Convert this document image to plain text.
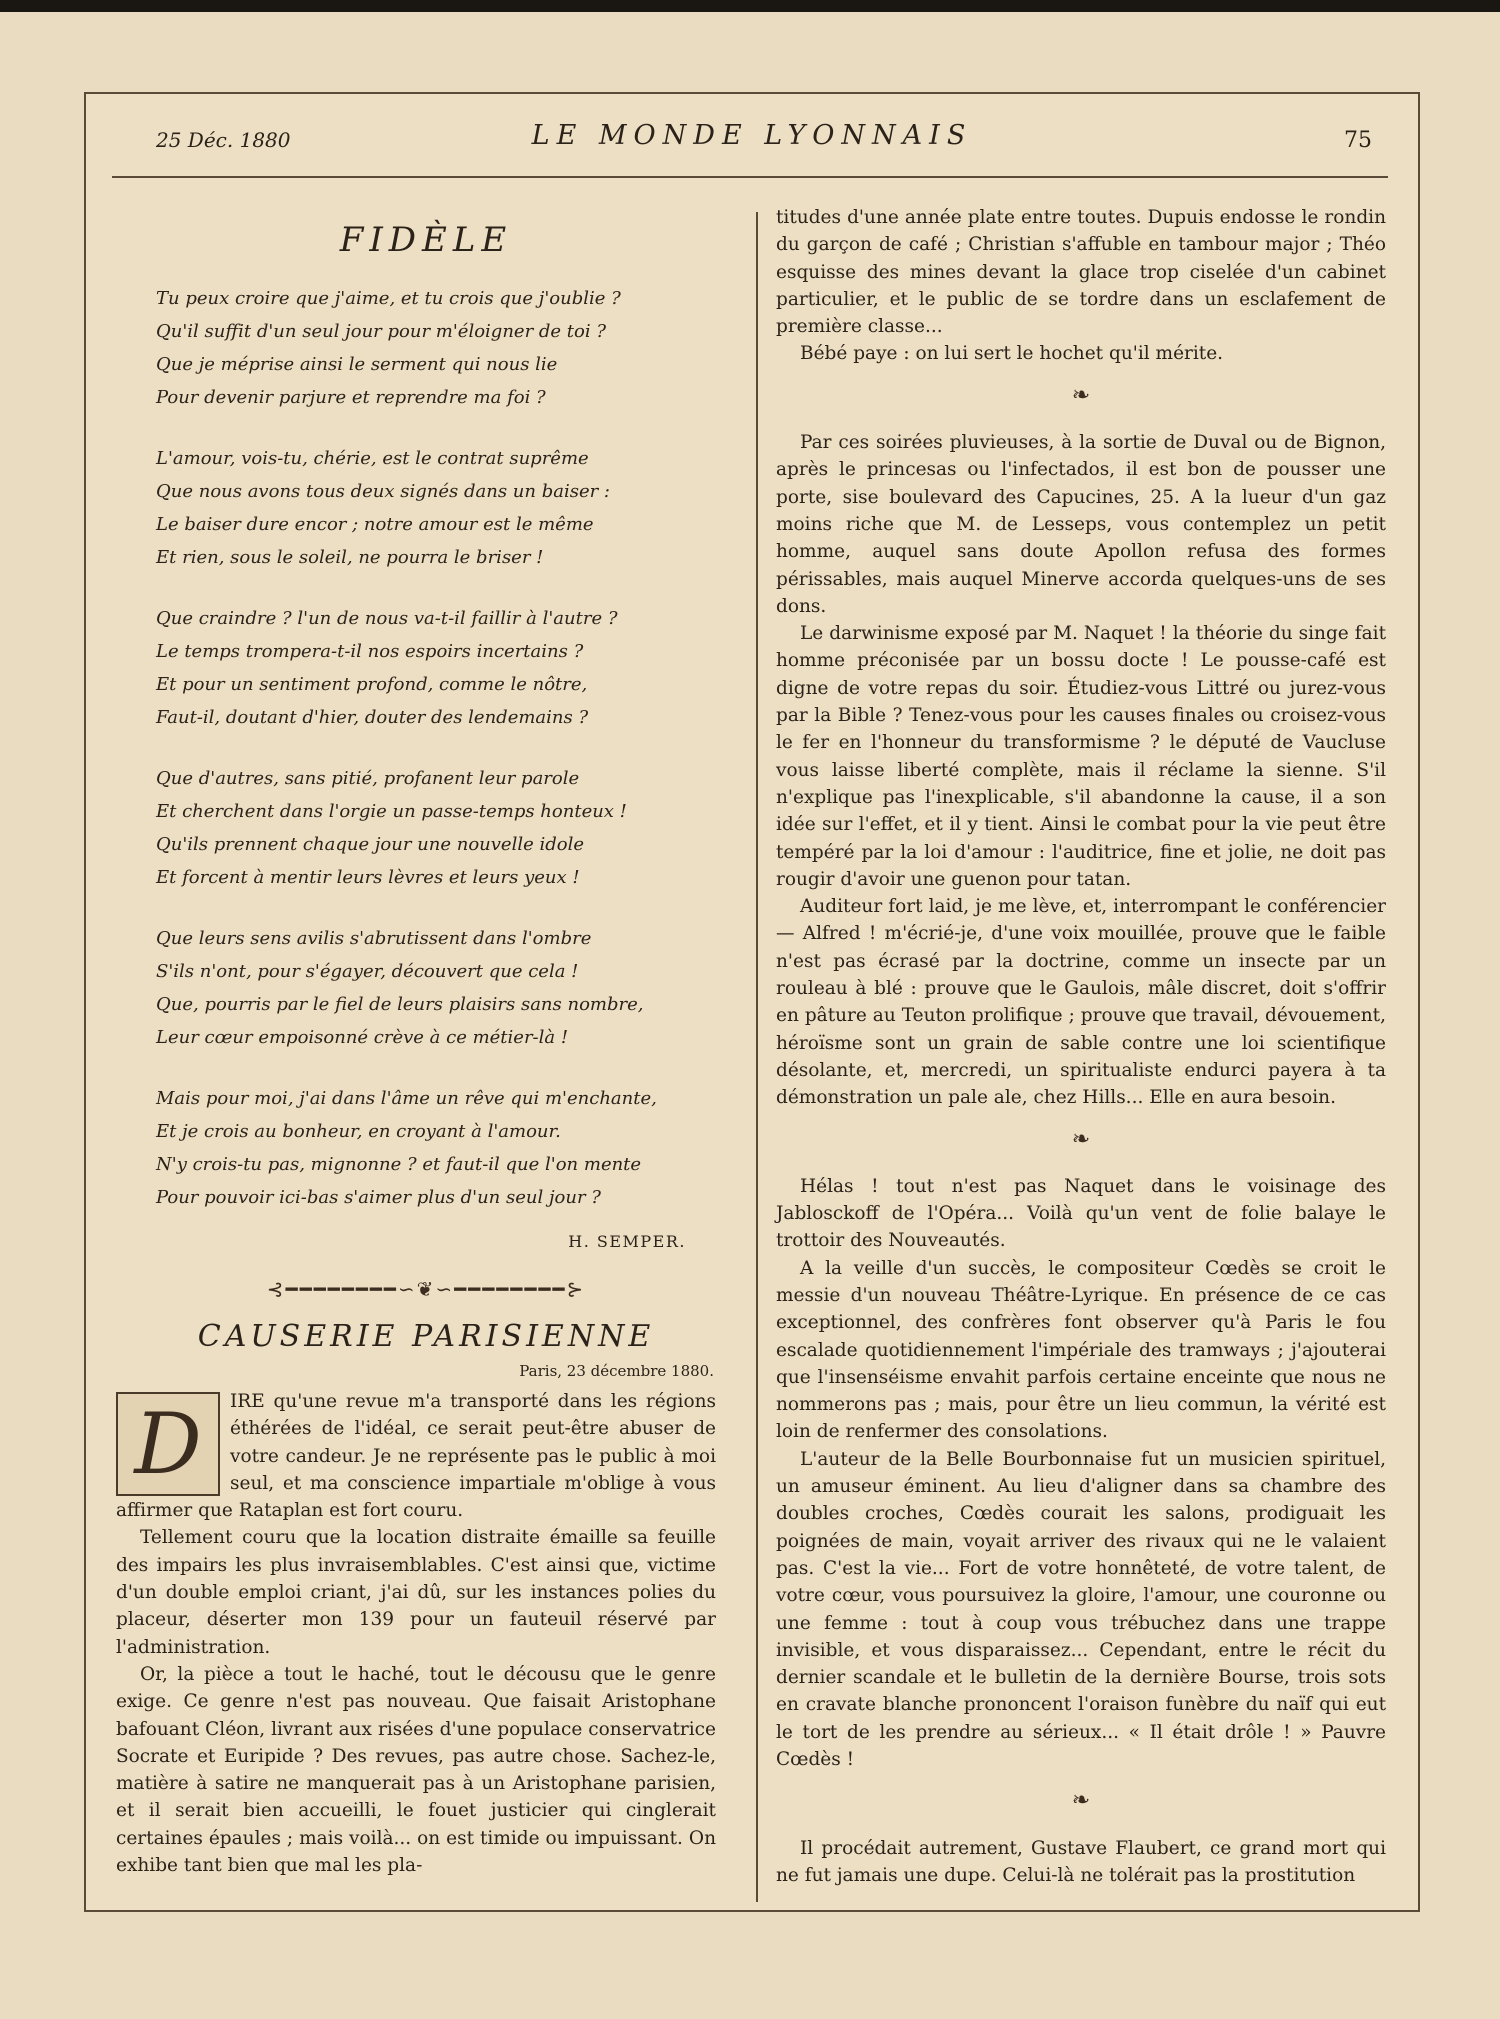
25 Déc. 1880	LE MONDE LYONNAIS	75
FIDÈLE
Tu peux croire que j'aime, et tu crois que j'oublie ?
Qu'il suffit d'un seul jour pour m'éloigner de toi ?
Que je méprise ainsi le serment qui nous lie
Pour devenir parjure et reprendre ma foi ?
L'amour, vois-tu, chérie, est le contrat suprême
Que nous avons tous deux signés dans un baiser :
Le baiser dure encor ; notre amour est le même
Et rien, sous le soleil, ne pourra le briser !
Que craindre ? l'un de nous va-t-il faillir à l'autre ?
Le temps trompera-t-il nos espoirs incertains ?
Et pour un sentiment profond, comme le nôtre,
Faut-il, doutant d'hier, douter des lendemains ?
Que d'autres, sans pitié, profanent leur parole
Et cherchent dans l'orgie un passe-temps honteux !
Qu'ils prennent chaque jour une nouvelle idole
Et forcent à mentir leurs lèvres et leurs yeux !
Que leurs sens avilis s'abrutissent dans l'ombre
S'ils n'ont, pour s'égayer, découvert que cela !
Que, pourris par le fiel de leurs plaisirs sans nombre,
Leur cœur empoisonné crève à ce métier-là !
Mais pour moi, j'ai dans l'âme un rêve qui m'enchante,
Et je crois au bonheur, en croyant à l'amour.
N'y crois-tu pas, mignonne ? et faut-il que l'on mente
Pour pouvoir ici-bas s'aimer plus d'un seul jour ?
H. SEMPER.
⊰━━━━━━━━∽❦∽━━━━━━━━⊱
CAUSERIE PARISIENNE
Paris, 23 décembre 1880.

D	IRE qu'une revue m'a transporté dans les régions éthérées de l'idéal, ce serait peut-être abuser de votre candeur. Je ne représente pas le public à moi seul, et ma conscience impartiale m'oblige à vous affirmer que Rataplan est fort couru.

Tellement couru que la location distraite émaille sa feuille des impairs les plus invraisemblables. C'est ainsi que, victime d'un double emploi criant, j'ai dû, sur les instances polies du placeur, déserter mon 139 pour un fauteuil réservé par l'administration.

Or, la pièce a tout le haché, tout le décousu que le genre exige. Ce genre n'est pas nouveau. Que faisait Aristophane bafouant Cléon, livrant aux risées d'une populace conservatrice Socrate et Euripide ? Des revues, pas autre chose. Sachez-le, matière à satire ne manquerait pas à un Aristophane parisien, et il serait bien accueilli, le fouet justicier qui cinglerait certaines épaules ; mais voilà... on est timide ou impuissant. On exhibe tant bien que mal les pla-

titudes d'une année plate entre toutes. Dupuis endosse le rondin du garçon de café ; Christian s'affuble en tambour major ; Théo esquisse des mines devant la glace trop ciselée d'un cabinet particulier, et le public de se tordre dans un esclafement de première classe...

Bébé paye : on lui sert le hochet qu'il mérite.

❧

Par ces soirées pluvieuses, à la sortie de Duval ou de Bignon, après le princesas ou l'infectados, il est bon de pousser une porte, sise boulevard des Capucines, 25. A la lueur d'un gaz moins riche que M. de Lesseps, vous contemplez un petit homme, auquel sans doute Apollon refusa des formes périssables, mais auquel Minerve accorda quelques-uns de ses dons.

Le darwinisme exposé par M. Naquet ! la théorie du singe fait homme préconisée par un bossu docte ! Le pousse-café est digne de votre repas du soir. Étudiez-vous Littré ou jurez-vous par la Bible ? Tenez-vous pour les causes finales ou croisez-vous le fer en l'honneur du transformisme ? le député de Vaucluse vous laisse liberté complète, mais il réclame la sienne. S'il n'explique pas l'inexplicable, s'il abandonne la cause, il a son idée sur l'effet, et il y tient. Ainsi le combat pour la vie peut être tempéré par la loi d'amour : l'auditrice, fine et jolie, ne doit pas rougir d'avoir une guenon pour tatan.

Auditeur fort laid, je me lève, et, interrompant le conférencier — Alfred ! m'écrié-je, d'une voix mouillée, prouve que le faible n'est pas écrasé par la doctrine, comme un insecte par un rouleau à blé : prouve que le Gaulois, mâle discret, doit s'offrir en pâture au Teuton prolifique ; prouve que travail, dévouement, héroïsme sont un grain de sable contre une loi scientifique désolante, et, mercredi, un spiritualiste endurci payera à ta démonstration un pale ale, chez Hills... Elle en aura besoin.

❧

Hélas ! tout n'est pas Naquet dans le voisinage des Jablosckoff de l'Opéra... Voilà qu'un vent de folie balaye le trottoir des Nouveautés.

A la veille d'un succès, le compositeur Cœdès se croit le messie d'un nouveau Théâtre-Lyrique. En présence de ce cas exceptionnel, des confrères font observer qu'à Paris le fou escalade quotidiennement l'impériale des tramways ; j'ajouterai que l'insenséisme envahit parfois certaine enceinte que nous ne nommerons pas ; mais, pour être un lieu commun, la vérité est loin de renfermer des consolations.

L'auteur de la Belle Bourbonnaise fut un musicien spirituel, un amuseur éminent. Au lieu d'aligner dans sa chambre des doubles croches, Cœdès courait les salons, prodiguait les poignées de main, voyait arriver des rivaux qui ne le valaient pas. C'est la vie... Fort de votre honnêteté, de votre talent, de votre cœur, vous poursuivez la gloire, l'amour, une couronne ou une femme : tout à coup vous trébuchez dans une trappe invisible, et vous disparaissez... Cependant, entre le récit du dernier scandale et le bulletin de la dernière Bourse, trois sots en cravate blanche prononcent l'oraison funèbre du naïf qui eut le tort de les prendre au sérieux... « Il était drôle ! » Pauvre Cœdès !

❧

Il procédait autrement, Gustave Flaubert, ce grand mort qui ne fut jamais une dupe. Celui-là ne tolérait pas la prostitution
